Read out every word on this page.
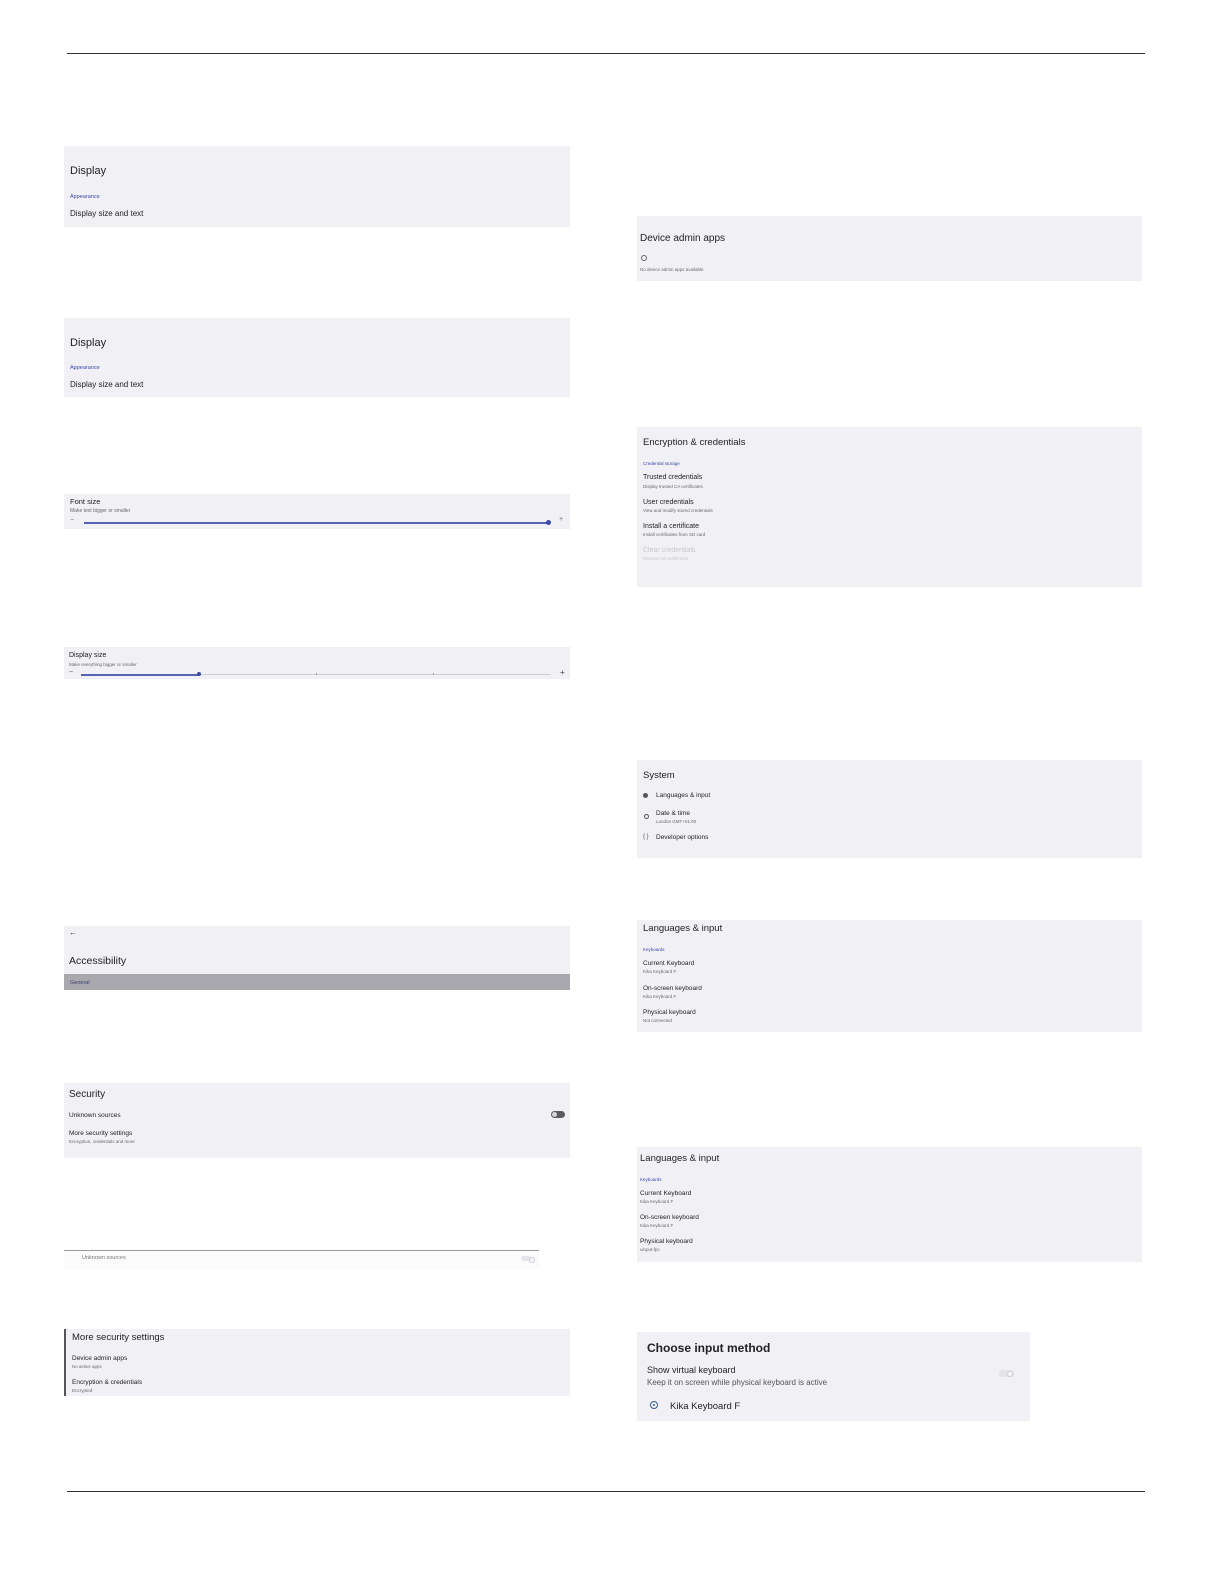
Display
Appearance
Display size and text
Display
Appearance
Display size and text
Font size
Make text bigger or smaller
−	+
Display size
Make everything bigger or smaller
−	+
←
Accessibility
General
Security
Unknown sources
More security settings
Encryption, credentials and more
Unknown sources
More security settings
Device admin apps
No active apps
Encryption & credentials
Encrypted
Device admin apps
No device admin apps available
Encryption & credentials
Credential storage
Trusted credentials
Display trusted CA certificates
User credentials
View and modify stored credentials
Install a certificate
Install certificates from SD card
Clear credentials
Remove all certificates
System
Languages & input
Date & time
London GMT+01:00
{ } Developer options
Languages & input
Keyboards
Current Keyboard
Kika Keyboard F
On-screen keyboard
Kika Keyboard F
Physical keyboard
Not connected
Languages & input
Keyboards
Current Keyboard
Kika Keyboard F
On-screen keyboard
Kika Keyboard F
Physical keyboard
uinput-fpc
Choose input method
Show virtual keyboard
Keep it on screen while physical keyboard is active
Kika Keyboard F
